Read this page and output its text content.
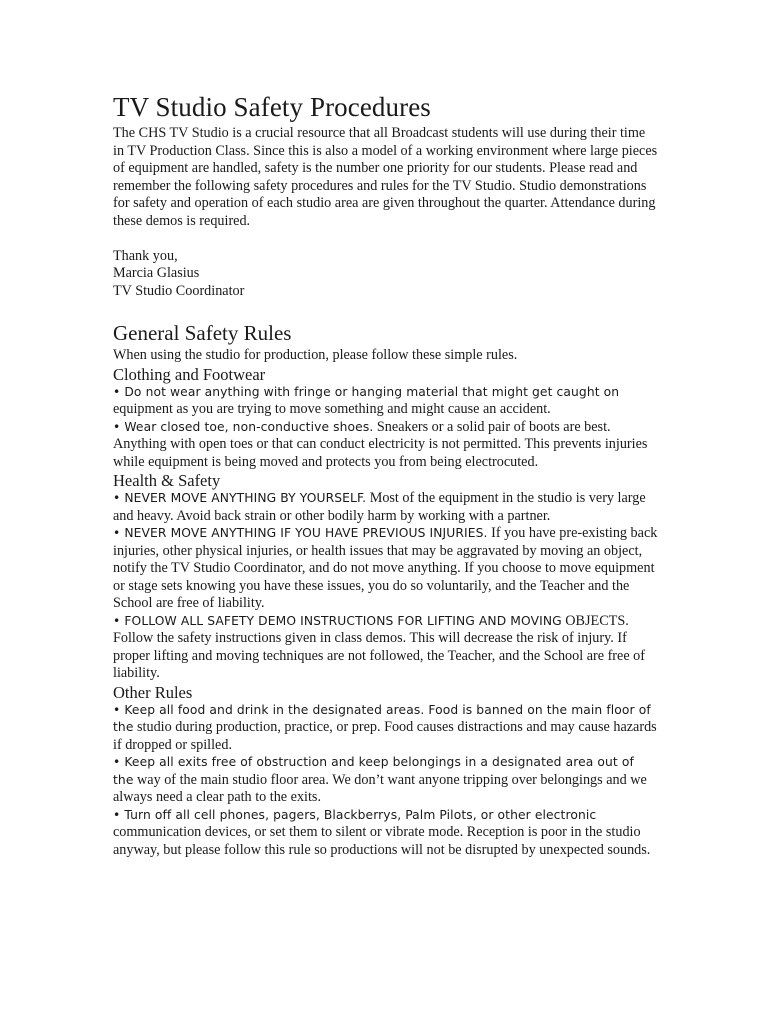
TV Studio Safety Procedures

The CHS TV Studio is a crucial resource that all Broadcast students will use during their time in TV Production Class. Since this is also a model of a working environment where large pieces of equipment are handled, safety is the number one priority for our students. Please read and remember the following safety procedures and rules for the TV Studio. Studio demonstrations for safety and operation of each studio area are given throughout the quarter. Attendance during these demos is required.

Thank you,

Marcia Glasius

TV Studio Coordinator

General Safety Rules

When using the studio for production, please follow these simple rules.

Clothing and Footwear

• Do not wear anything with fringe or hanging material that might get caught on equipment as you are trying to move something and might cause an accident.

• Wear closed toe, non-conductive shoes. Sneakers or a solid pair of boots are best. Anything with open toes or that can conduct electricity is not permitted. This prevents injuries while equipment is being moved and protects you from being electrocuted.

Health & Safety

• NEVER MOVE ANYTHING BY YOURSELF. Most of the equipment in the studio is very large and heavy. Avoid back strain or other bodily harm by working with a partner.

• NEVER MOVE ANYTHING IF YOU HAVE PREVIOUS INJURIES. If you have pre-existing back injuries, other physical injuries, or health issues that may be aggravated by moving an object, notify the TV Studio Coordinator, and do not move anything. If you choose to move equipment or stage sets knowing you have these issues, you do so voluntarily, and the Teacher and the School are free of liability.

• FOLLOW ALL SAFETY DEMO INSTRUCTIONS FOR LIFTING AND MOVING OBJECTS. Follow the safety instructions given in class demos. This will decrease the risk of injury. If proper lifting and moving techniques are not followed, the Teacher, and the School are free of liability.

Other Rules

• Keep all food and drink in the designated areas. Food is banned on the main floor of the studio during production, practice, or prep. Food causes distractions and may cause hazards if dropped or spilled.

• Keep all exits free of obstruction and keep belongings in a designated area out of the way of the main studio floor area. We don’t want anyone tripping over belongings and we always need a clear path to the exits.

• Turn off all cell phones, pagers, Blackberrys, Palm Pilots, or other electronic communication devices, or set them to silent or vibrate mode. Reception is poor in the studio anyway, but please follow this rule so productions will not be disrupted by unexpected sounds.
